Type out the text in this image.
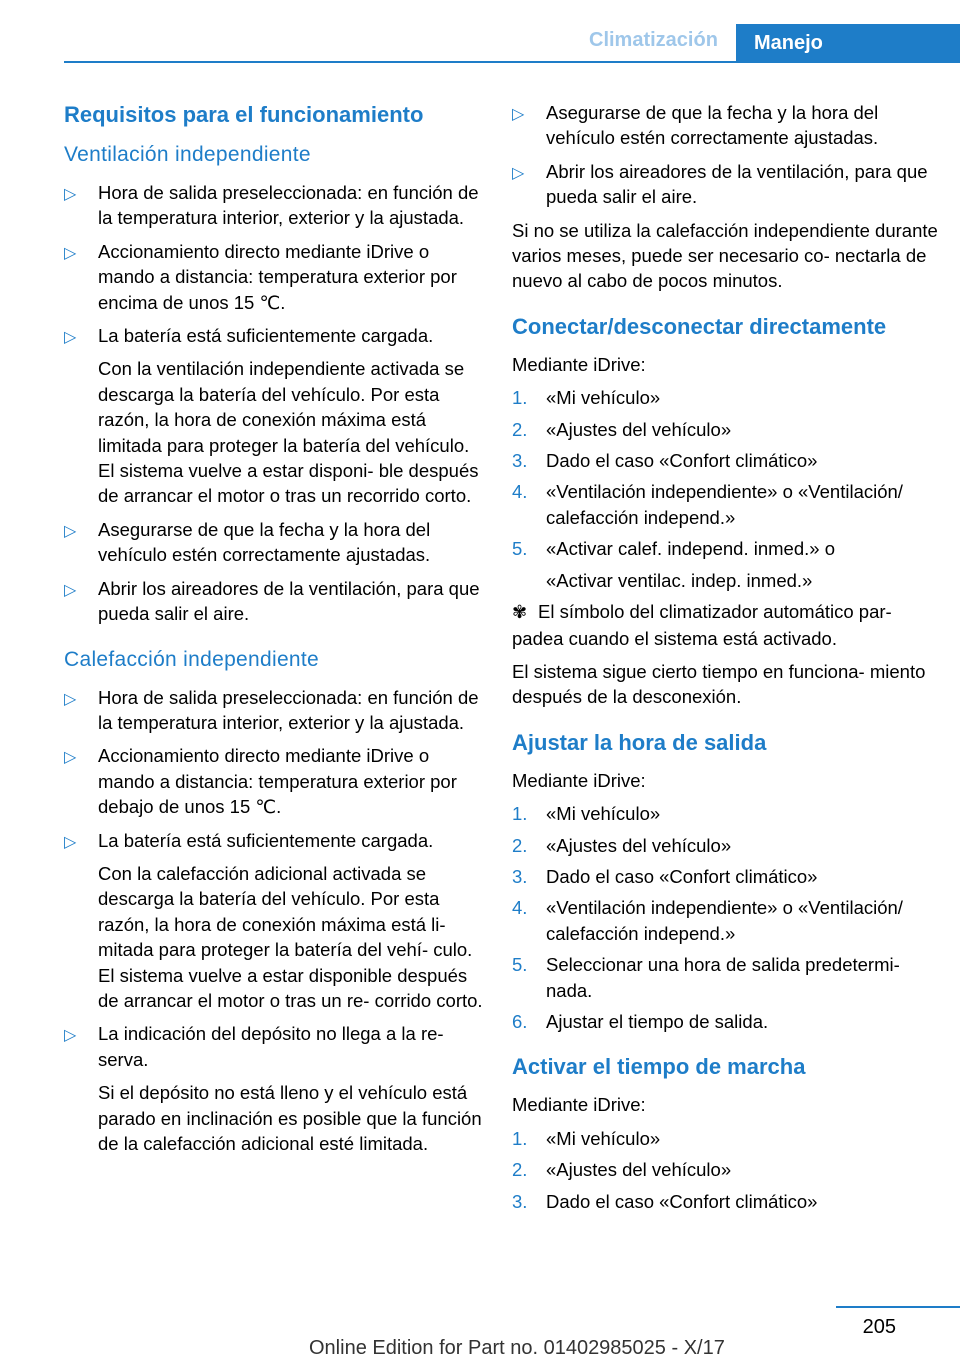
Climatización	Manejo
Requisitos para el funcionamiento
Ventilación independiente
▷ Hora de salida preseleccionada: en función de la temperatura interior, exterior y la ajustada.
▷ Accionamiento directo mediante iDrive o mando a distancia: temperatura exterior por encima de unos 15 ℃.
▷ La batería está suficientemente cargada.
Con la ventilación independiente activada se descarga la batería del vehículo. Por esta razón, la hora de conexión máxima está limitada para proteger la batería del vehículo. El sistema vuelve a estar disponi‐ ble después de arrancar el motor o tras un recorrido corto.
▷ Asegurarse de que la fecha y la hora del vehículo estén correctamente ajustadas.
▷ Abrir los aireadores de la ventilación, para que pueda salir el aire.
Calefacción independiente
▷ Hora de salida preseleccionada: en función de la temperatura interior, exterior y la ajustada.
▷ Accionamiento directo mediante iDrive o mando a distancia: temperatura exterior por debajo de unos 15 ℃.
▷ La batería está suficientemente cargada.
Con la calefacción adicional activada se descarga la batería del vehículo. Por esta razón, la hora de conexión máxima está li‐ mitada para proteger la batería del vehí‐ culo. El sistema vuelve a estar disponible después de arrancar el motor o tras un re‐ corrido corto.
▷ La indicación del depósito no llega a la re‐ serva.
Si el depósito no está lleno y el vehículo está parado en inclinación es posible que la función de la calefacción adicional esté limitada.
▷ Asegurarse de que la fecha y la hora del vehículo estén correctamente ajustadas.
▷ Abrir los aireadores de la ventilación, para que pueda salir el aire.

Si no se utiliza la calefacción independiente durante varios meses, puede ser necesario co‐ nectarla de nuevo al cabo de pocos minutos.

Conectar/desconectar directamente

Mediante iDrive:

1. «Mi vehículo»
2. «Ajustes del vehículo»
3. Dado el caso «Confort climático»
4. «Ventilación independiente» o «Ventilación/ calefacción independ.»
5. «Activar calef. independ. inmed.» o
«Activar ventilac. indep. inmed.»

✾ El símbolo del climatizador automático par‐ padea cuando el sistema está activado.

El sistema sigue cierto tiempo en funciona‐ miento después de la desconexión.

Ajustar la hora de salida

Mediante iDrive:

1. «Mi vehículo»
2. «Ajustes del vehículo»
3. Dado el caso «Confort climático»
4. «Ventilación independiente» o «Ventilación/ calefacción independ.»
5. Seleccionar una hora de salida predetermi‐ nada.
6. Ajustar el tiempo de salida.
Activar el tiempo de marcha

Mediante iDrive:

1. «Mi vehículo»
2. «Ajustes del vehículo»
3. Dado el caso «Confort climático»
205
Online Edition for Part no. 01402985025 - X/17
